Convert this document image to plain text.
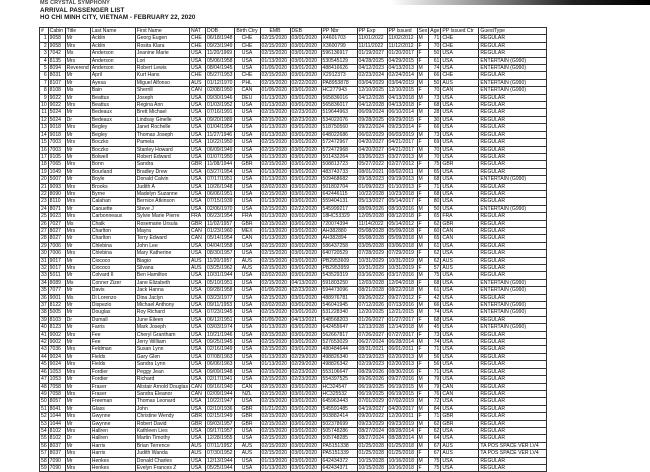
MS CRYSTAL SYMPHONY
ARRIVAL PASSENGER LIST
HO CHI MINH CITY, VIETNAM - FEBRUARY 22, 2020
#	Cabin	Title	Last Name	First Name	NAT	DOB	Birth Ctry	EMB	DEB	PP Nbr	PP Exp	PP Issued	Sex	Age	PP Issued Ctr	GuestType
1	9058	Mr	Acklin	Georg Eugen	CHE	06/18/1948	CHE	02/15/2020	03/01/2020	X4601703	11/01/2022	11/02/2012	M	71	CHE	REGULAR
2	9058	Mrs	Acklin	Rosita Klara	CHE	09/23/1949	CHE	02/15/2020	03/01/2020	X3600799	11/11/2022	11/12/2012	F	70	CHE	REGULAR
3	7042	Ms	Anderson	Jeanine Marie	USA	11/20/1969	USA	02/15/2020	03/01/2020	596136917	01/19/2027	01/20/2017	F	50	USA	REGULAR
4	8135	Mrs	Anderson	Lori	USA	05/06/1958	USA	01/13/2020	03/01/2020	530545129	04/28/2025	04/29/2015	F	61	USA	ENTERTAIN (G990)
5	8094	Reverend	Anderson	Robert Lewis	USA	08/04/1945	USA	01/05/2020	03/01/2020	488416626	04/12/2023	04/13/2013	M	74	USA	ENTERTAIN (G990)
6	8031	Mr	April	Kurt Hans	CHE	05/27/1953	CHE	02/15/2020	03/01/2020	X2912373	02/23/2024	02/24/2014	M	66	CHE	REGULAR
7	8107	Mr	Ayesa	Miguel Alfonso	AUS	01/12/1970	PHL	02/15/2020	02/22/2020	PA8953878	03/04/2029	03/04/2019	M	50	AUS	ENTERTAIN (G990)
8	8108	Ms	Bain	Sherrill	CAN	02/08/1950	CAN	01/05/2020	03/01/2020	HC277943	12/10/2025	12/10/2015	F	70	CAN	ENTERTAIN (G990)
9	9022	Mr	Beattus	Joseph	USA	09/30/1946	DEU	01/13/2020	03/01/2020	565836016	04/12/2028	04/13/2018	M	73	USA	REGULAR
10	9022	Mrs	Beattus	Regina Ann	USA	01/03/1952	USA	01/13/2020	03/01/2020	565836017	04/12/2028	04/13/2018	F	68	USA	REGULAR
11	5024	Mr	Bedeaux	Brett Michael	USA	07/16/1991	USA	02/15/2020	02/23/2020	519644963	06/09/2024	06/10/2014	M	28	USA	REGULAR
12	5024	Dr	Bedeaux	Lindsay Ginelle	USA	09/20/1989	USA	02/15/2020	02/23/2020	534022076	09/28/2025	09/29/2015	F	30	USA	REGULAR
13	9018	Mrs	Begley	Janet Rochelle	USA	01/04/1954	USA	01/13/2020	03/01/2020	518750560	09/22/2024	09/23/2014	F	66	USA	REGULAR
14	9018	Mr	Begley	Thomas Joseph	USA	11/27/1946	USA	01/13/2020	03/01/2020	648022686	06/02/2029	06/03/2019	M	73	USA	REGULAR
15	7003	Mrs	Boczko	Pamela	USA	10/22/1950	USA	02/15/2020	03/01/2020	572472967	04/20/2027	04/21/2017	F	69	USA	REGULAR
16	7003	Mr	Boczko	Stanley Howard	USA	06/09/1949	USA	02/15/2020	03/01/2020	572472968	04/20/2027	04/21/2017	M	70	USA	REGULAR
17	9105	Mr	Bolwell	Robert Edward	USA	01/07/1950	USA	01/13/2020	03/01/2020	501432264	03/26/2023	03/27/2013	M	70	USA	REGULAR
18	7065	Mrs	Bonn	Sandra	GBR	11/08/1944	GBR	02/15/2020	03/01/2020	508813723	05/27/2022	02/27/2012	F	75	GBR	REGULAR
19	1049	Mr	Bourland	Bradley Drew	USA	03/27/1954	USA	01/13/2020	03/01/2020	483743733	08/01/2021	08/02/2011	M	65	USA	REGULAR
20	5007	Mr	Boyle	Donald Calvin	USA	07/17/1951	USA	01/13/2020	03/01/2020	509468682	09/18/2023	09/19/2013	M	68	USA	ENTERTAIN (G990)
21	9093	Mrs	Brooks	Judith A	USA	10/26/1948	USA	02/02/2020	03/01/2020	501802704	01/09/2023	01/10/2013	F	71	USA	REGULAR
22	8090	Mrs	Byrne	Madelyn Suzanne	USA	06/06/1951	USA	02/15/2020	03/01/2020	642446115	10/22/2028	10/23/2018	F	68	USA	REGULAR
23	8110	Mrs	Calahan	Bernice Atkinson	USA	07/15/1939	USA	01/13/2020	03/01/2020	559404131	05/13/2027	05/14/2017	F	80	USA	REGULAR
24	8071	Mr	Caouette	Steve J	USA	02/06/1970	USA	02/15/2020	02/22/2020	545999217	08/09/2026	08/10/2016	M	50	USA	ENTERTAIN (G990)
25	9023	Mrs	Carbonneaux	Sylvie Marie Pierre	FRA	06/23/1954	FRA	01/13/2020	03/01/2020	18HC53329	12/05/2028	08/12/2018	F	65	FRA	REGULAR
26	7027	Ms	Chalk	Rosemarie Ursula	GBR	11/02/1957	GBR	02/15/2020	03/01/2020	720074394	11/14/2022	05/14/2012	F	62	GBR	REGULAR
27	8027	Mrs	Charlton	Mayra	CAN	01/23/1960	MEX	01/13/2020	03/01/2020	AH382880	05/08/2028	05/09/2018	F	60	CAN	REGULAR
28	8027	Mr	Charlton	Terry Edward	CAN	05/14/1954	CAN	01/13/2020	03/01/2020	AH382894	05/08/2028	05/09/2018	M	65	CAN	REGULAR
29	7006	Mr	Chlebina	John Lee	USA	04/04/1958	USA	02/15/2020	03/01/2020	586437258	03/05/2028	03/06/2018	M	61	USA	REGULAR
30	7006	Mrs	Chlebina	Mary Katherine	USA	08/30/1957	USA	02/15/2020	03/01/2020	640720529	07/28/2029	07/29/2019	F	62	USA	REGULAR
31	9017	Mr	Ciococo	Biagio	AUS	11/20/1957	AUS	02/15/2020	03/01/2020	PB2953609	10/31/2029	10/31/2019	M	62	AUS	REGULAR
32	9017	Mrs	Ciococo	Silvana	AUS	03/25/1962	AUS	02/15/2020	03/01/2020	PB2953959	10/31/2029	10/31/2019	F	57	AUS	REGULAR
33	5011	Mr	Colvard II	Ben Hamilton	USA	10/31/1944	USA	02/02/2020	03/01/2020	543529319	03/16/2026	03/17/2016	M	75	USA	REGULAR
34	8089	Ms	Conner Zizer	Jane Elizabeth	USA	05/10/1951	USA	02/15/2020	04/13/2020	591803250	12/03/2028	12/04/2018	F	68	USA	ENTERTAIN (G990)
35	7077	Mr	Davis	Jack Hanna	USA	09/28/1958	USA	01/05/2020	02/23/2020	594473096	08/21/2028	08/22/2018	M	61	USA	ENTERTAIN (G990)
36	9001	Ms	Di Lorenzo	Dina Jaclyn	USA	03/23/1977	USA	02/15/2020	03/01/2020	488976781	09/26/2022	09/27/2012	F	42	USA	REGULAR
37	8122	Mr	Dispezio	Michael Anthony	USA	09/11/1953	USA	02/02/2020	03/01/2020	546041945	07/12/2026	07/13/2016	M	66	USA	ENTERTAIN (G990)
38	5005	Mr	Douglas	Roy Richard	USA	07/23/1945	USA	02/15/2020	03/01/2020	531228340	12/20/2025	12/21/2015	M	74	USA	ENTERTAIN (G990)
39	8103	Dr	Dumall	June Eileen	USA	06/12/1951	USA	01/05/2020	04/13/2021	548568203	01/26/2027	01/27/2017	F	68	USA	REGULAR
40	8123	Mr	Farris	Mark Joseph	USA	03/03/1974	USA	01/13/2020	03/01/2020	642455647	12/13/2028	12/14/2018	M	45	USA	ENTERTAIN (G990)
41	9002	Mrs	Fee	Cheryl Grantham	USA	10/21/1946	USA	02/15/2020	03/01/2020	562667817	07/26/2027	07/27/2017	F	73	USA	REGULAR
42	9002	Mr	Fee	Jerry William	USA	09/25/1945	USA	02/15/2020	03/01/2020	527653029	06/27/2024	06/28/2014	M	74	USA	REGULAR
43	7036	Mrs	Feldman	Susan Lynn	USA	02/16/1949	USA	02/15/2020	03/01/2020	480484644	08/31/2021	06/01/2011	F	71	USA	REGULAR
44	9024	Mr	Fields	Gary Glen	USA	07/08/1963	USA	01/13/2020	02/29/2020	498826340	02/19/2023	02/20/2013	M	56	USA	REGULAR
45	9024	Mrs	Fields	Sandra Lynn	USA	06/06/1963	USA	01/13/2020	02/29/2020	498826342	02/19/2023	02/20/2013	F	56	USA	REGULAR
46	1053	Mrs	Fordier	Peggy Jean	USA	09/09/1948	USA	02/15/2020	02/23/2020	553106647	08/29/2026	08/30/2016	F	71	USA	REGULAR
47	1053	Mr	Fordier	Richard	USA	02/17/1941	USA	02/15/2020	02/23/2020	554397525	09/26/2026	09/27/2016	M	79	USA	REGULAR
48	7058	Mr	Fraser	Alistair Arnold Douglas	CAN	09/16/1940	CAN	02/15/2020	03/01/2020	HC324547	06/19/2025	06/19/2015	M	79	CAN	REGULAR
49	7058	Mrs	Fraser	Sandra Eleanor	CAN	02/09/1944	NZL	02/15/2020	03/01/2020	HC325532	06/19/2025	06/19/2015	F	76	CAN	REGULAR
50	8057	Mr	Freeman	Thomas Leonard	USA	10/22/1947	USA	02/15/2020	03/01/2020	645963443	07/01/2029	07/02/2019	M	72	USA	REGULAR
51	8041	Mr	Glass	John	USA	02/10/1936	GBR	01/21/2020	03/01/2020	545591485	04/19/2027	04/20/2017	M	84	USA	REGULAR
52	1044	Mrs	Gwynne	Christine Wendy	GBR	02/15/1949	GBR	02/15/2020	03/01/2020	503882414	09/20/2022	12/20/2011	F	71	GBR	REGULAR
53	1044	Mr	Gwynne	Robert David	GBR	09/03/1957	GBR	02/15/2020	03/01/2020	502378699	09/23/2029	09/23/2019	M	62	GBR	REGULAR
54	8102	Mrs	Hallren	Kathleen Lies	USA	09/17/1957	USA	02/15/2020	03/01/2020	505748286	08/27/2024	08/28/2014	F	62	USA	REGULAR
55	8102	Dr	Hallren	Martin Timothy	USA	12/28/1955	USA	02/15/2020	03/01/2020	505748285	08/27/2024	08/28/2014	M	64	USA	REGULAR
56	8037	Mr	Harris	Brian Terrence	AUS	07/11/1952	AUS	02/15/2020	03/01/2020	PA5151338	01/25/2028	01/25/2018	M	67	AUS	TA POS SPACE VER LV4
57	8037	Mrs	Harris	Judith Wanda	AUS	07/30/1952	AUS	02/15/2020	03/01/2020	PA5151339	01/25/2028	01/25/2018	F	67	AUS	TA POS SPACE VER LV4
58	7090	Mr	Henkes	Donald Charles	USA	12/13/1944	USA	01/13/2020	03/01/2020	642434372	10/15/2028	10/16/2018	M	75	USA	REGULAR
59	7090	Mrs	Henkes	Evelyn Frances Z	USA	05/25/1944	USA	01/13/2020	03/01/2020	642434371	10/15/2028	10/16/2018	F	75	USA	REGULAR
